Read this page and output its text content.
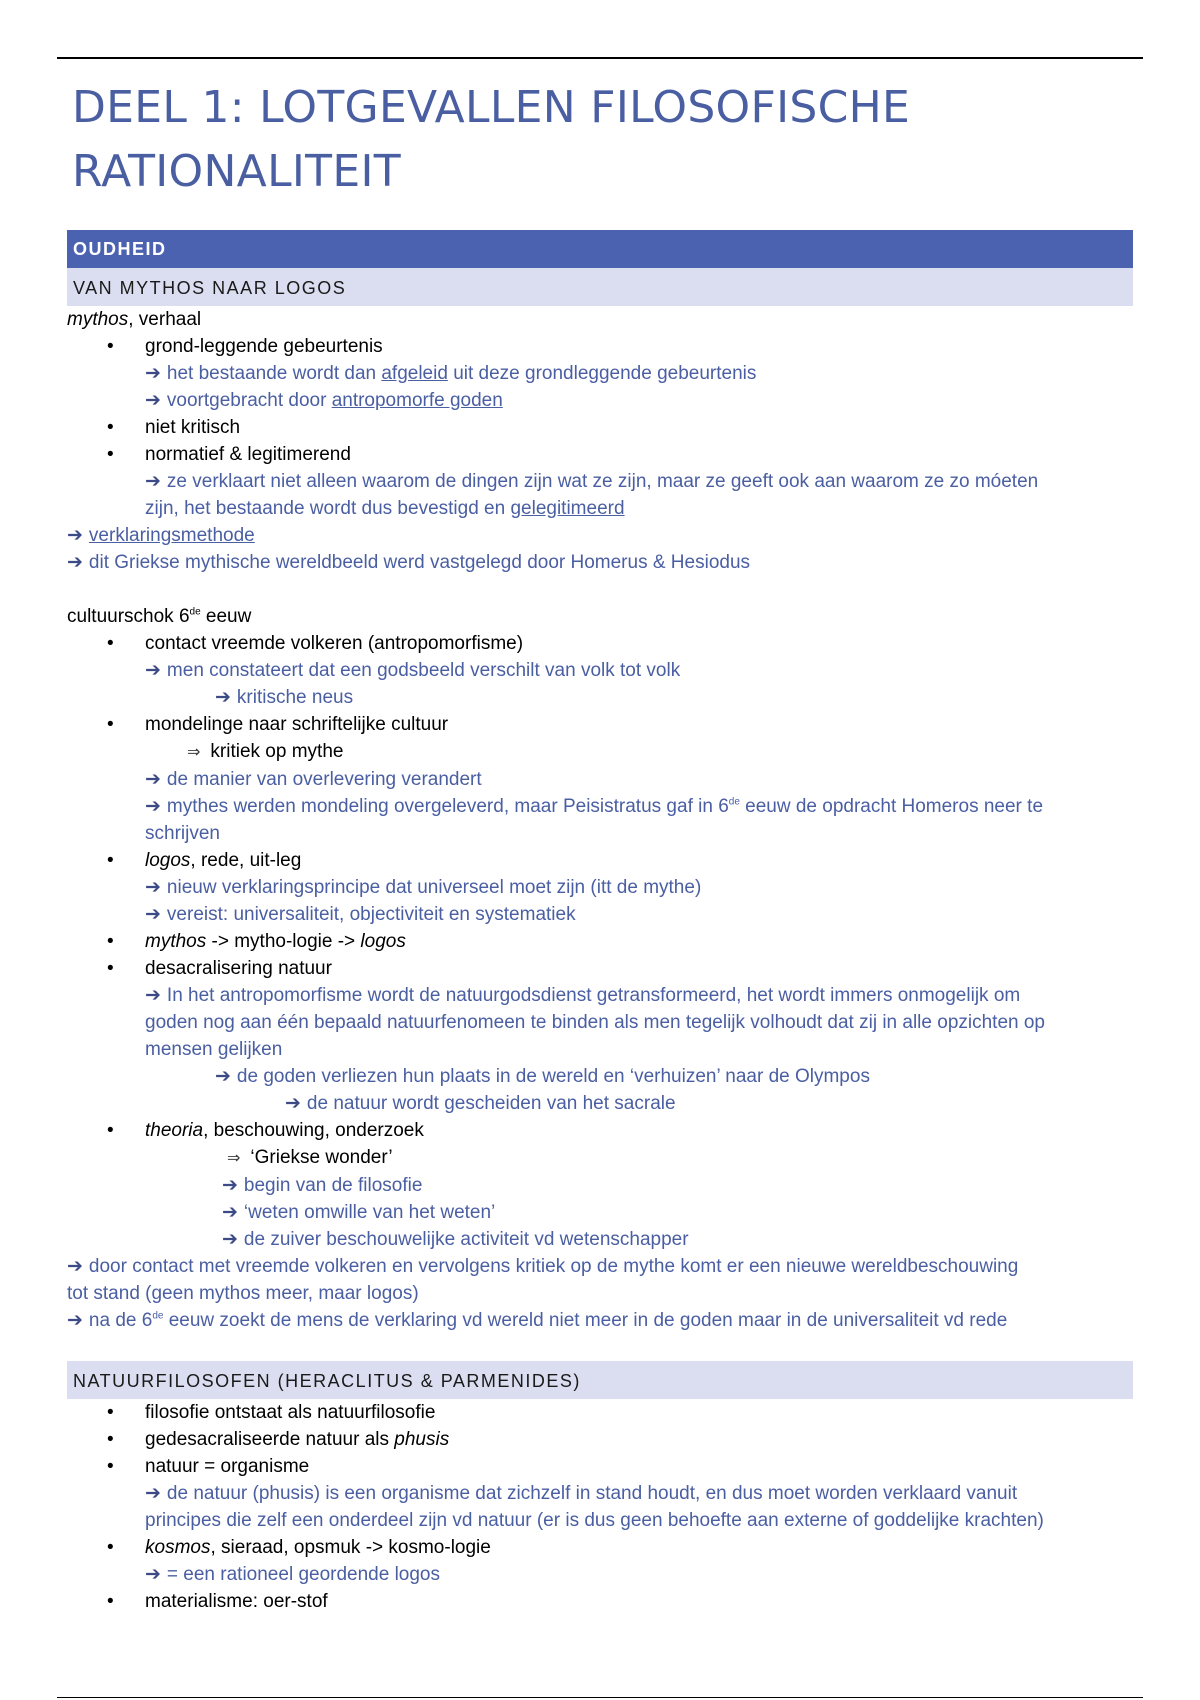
DEEL 1: LOTGEVALLEN FILOSOFISCHE RATIONALITEIT
OUDHEID
VAN MYTHOS NAAR LOGOS
mythos, verhaal
• grond-leggende gebeurtenis
➔ het bestaande wordt dan afgeleid uit deze grondleggende gebeurtenis
➔ voortgebracht door antropomorfe goden
• niet kritisch
• normatief & legitimerend
➔ ze verklaart niet alleen waarom de dingen zijn wat ze zijn, maar ze geeft ook aan waarom ze zo móeten
zijn, het bestaande wordt dus bevestigd en gelegitimeerd
➔ verklaringsmethode
➔ dit Griekse mythische wereldbeeld werd vastgelegd door Homerus & Hesiodus
cultuurschok 6de eeuw
• contact vreemde volkeren (antropomorfisme)
➔ men constateert dat een godsbeeld verschilt van volk tot volk
➔ kritische neus
• mondelinge naar schriftelijke cultuur
⇒ kritiek op mythe
➔ de manier van overlevering verandert
➔ mythes werden mondeling overgeleverd, maar Peisistratus gaf in 6de eeuw de opdracht Homeros neer te
schrijven
• logos, rede, uit-leg
➔ nieuw verklaringsprincipe dat universeel moet zijn (itt de mythe)
➔ vereist: universaliteit, objectiviteit en systematiek
• mythos -> mytho-logie -> logos
• desacralisering natuur
➔ In het antropomorfisme wordt de natuurgodsdienst getransformeerd, het wordt immers onmogelijk om
goden nog aan één bepaald natuurfenomeen te binden als men tegelijk volhoudt dat zij in alle opzichten op
mensen gelijken
➔ de goden verliezen hun plaats in de wereld en ‘verhuizen’ naar de Olympos
➔ de natuur wordt gescheiden van het sacrale
• theoria, beschouwing, onderzoek
⇒ ‘Griekse wonder’
➔ begin van de filosofie
➔ ‘weten omwille van het weten’
➔ de zuiver beschouwelijke activiteit vd wetenschapper
➔ door contact met vreemde volkeren en vervolgens kritiek op de mythe komt er een nieuwe wereldbeschouwing
tot stand (geen mythos meer, maar logos)
➔ na de 6de eeuw zoekt de mens de verklaring vd wereld niet meer in de goden maar in de universaliteit vd rede
NATUURFILOSOFEN (HERACLITUS & PARMENIDES)
• filosofie ontstaat als natuurfilosofie
• gedesacraliseerde natuur als phusis
• natuur = organisme
➔ de natuur (phusis) is een organisme dat zichzelf in stand houdt, en dus moet worden verklaard vanuit
principes die zelf een onderdeel zijn vd natuur (er is dus geen behoefte aan externe of goddelijke krachten)
• kosmos, sieraad, opsmuk -> kosmo-logie
➔ = een rationeel geordende logos
• materialisme: oer-stof
